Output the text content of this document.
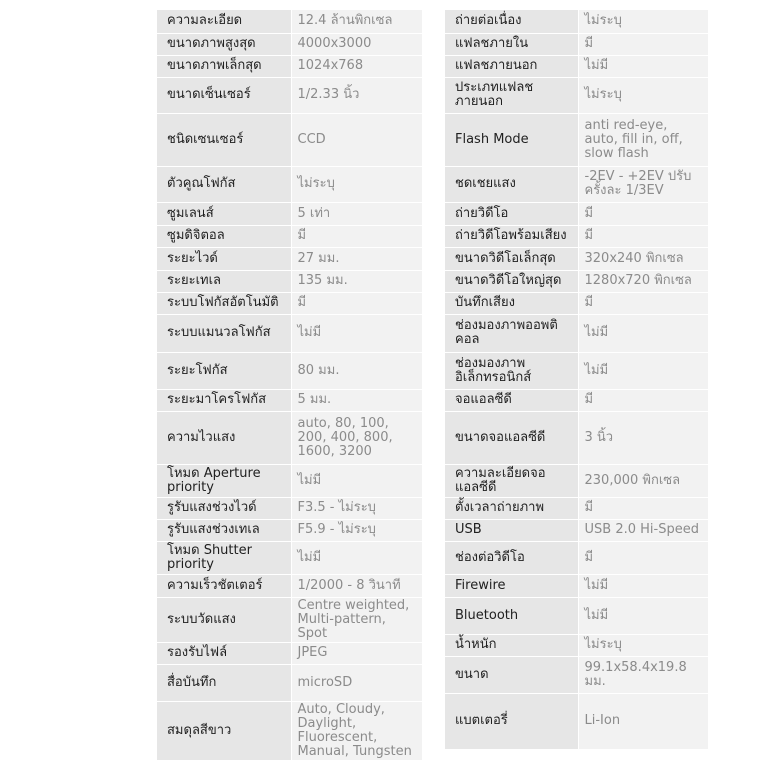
ความละเอียด	12.4 ล้านพิกเซล
ขนาดภาพสูงสุด	4000x3000
ขนาดภาพเล็กสุด	1024x768
ขนาดเซ็นเซอร์	1/2.33 นิ้ว
ชนิดเซนเซอร์	CCD
ตัวคูณโฟกัส	ไม่ระบุ
ซูมเลนส์	5 เท่า
ซูมดิจิตอล	มี
ระยะไวด์	27 มม.
ระยะเทเล	135 มม.
ระบบโฟกัสอัตโนมัติ	มี
ระบบแมนวลโฟกัส	ไม่มี
ระยะโฟกัส	80 มม.
ระยะมาโครโฟกัส	5 มม.
ความไวแสง	auto, 80, 100, 200, 400, 800, 1600, 3200
โหมด Aperture priority	ไม่มี
รูรับแสงช่วงไวด์	F3.5 - ไม่ระบุ
รูรับแสงช่วงเทเล	F5.9 - ไม่ระบุ
โหมด Shutter priority	ไม่มี
ความเร็วชัตเตอร์	1/2000 - 8 วินาที
ระบบวัดแสง	Centre weighted, Multi-pattern, Spot
รองรับไฟล์	JPEG
สื่อบันทึก	microSD
สมดุลสีขาว	Auto, Cloudy, Daylight, Fluorescent, Manual, Tungsten
ถ่ายต่อเนื่อง	ไม่ระบุ
แฟลชภายใน	มี
แฟลชภายนอก	ไม่มี
ประเภทแฟลชภายนอก	ไม่ระบุ
Flash Mode	anti red-eye, auto, fill in, off, slow flash
ชดเชยแสง	-2EV - +2EV ปรับครั้งละ 1/3EV
ถ่ายวิดีโอ	มี
ถ่ายวิดีโอพร้อมเสียง	มี
ขนาดวิดีโอเล็กสุด	320x240 พิกเซล
ขนาดวิดีโอใหญ่สุด	1280x720 พิกเซล
บันทึกเสียง	มี
ช่องมองภาพออพติคอล	ไม่มี
ช่องมองภาพ อิเล็กทรอนิกส์	ไม่มี
จอแอลซีดี	มี
ขนาดจอแอลซีดี	3 นิ้ว
ความละเอียดจอแอลซีดี	230,000 พิกเซล
ตั้งเวลาถ่ายภาพ	มี
USB	USB 2.0 Hi-Speed
ช่องต่อวิดีโอ	มี
Firewire	ไม่มี
Bluetooth	ไม่มี
น้ำหนัก	ไม่ระบุ
ขนาด	99.1x58.4x19.8 มม.
แบตเตอรี่	Li-Ion
